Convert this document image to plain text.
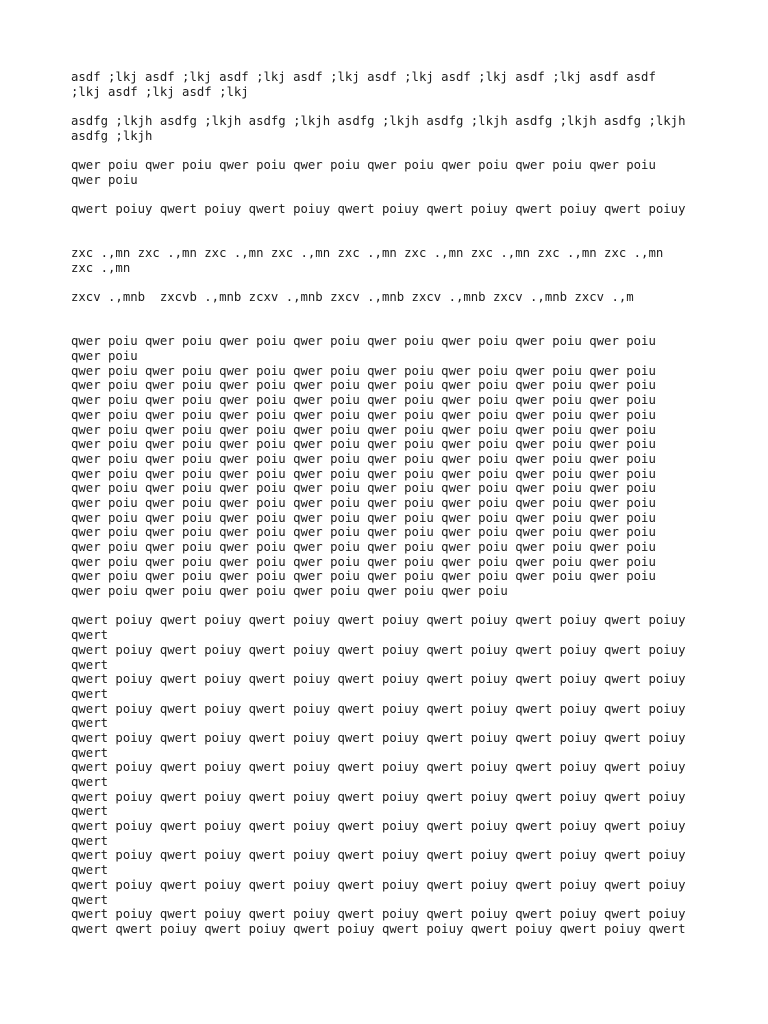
asdf ;lkj asdf ;lkj asdf ;lkj asdf ;lkj asdf ;lkj asdf ;lkj asdf ;lkj asdf asdf
;lkj asdf ;lkj asdf ;lkj
asdfg ;lkjh asdfg ;lkjh asdfg ;lkjh asdfg ;lkjh asdfg ;lkjh asdfg ;lkjh asdfg ;lkjh
asdfg ;lkjh
qwer poiu qwer poiu qwer poiu qwer poiu qwer poiu qwer poiu qwer poiu qwer poiu
qwer poiu
qwert poiuy qwert poiuy qwert poiuy qwert poiuy qwert poiuy qwert poiuy qwert poiuy
zxc .,mn zxc .,mn zxc .,mn zxc .,mn zxc .,mn zxc .,mn zxc .,mn zxc .,mn zxc .,mn
zxc .,mn
zxcv .,mnb  zxcvb .,mnb zcxv .,mnb zxcv .,mnb zxcv .,mnb zxcv .,mnb zxcv .,m
qwer poiu qwer poiu qwer poiu qwer poiu qwer poiu qwer poiu qwer poiu qwer poiu
qwer poiu
qwer poiu qwer poiu qwer poiu qwer poiu qwer poiu qwer poiu qwer poiu qwer poiu
qwer poiu qwer poiu qwer poiu qwer poiu qwer poiu qwer poiu qwer poiu qwer poiu
qwer poiu qwer poiu qwer poiu qwer poiu qwer poiu qwer poiu qwer poiu qwer poiu
qwer poiu qwer poiu qwer poiu qwer poiu qwer poiu qwer poiu qwer poiu qwer poiu
qwer poiu qwer poiu qwer poiu qwer poiu qwer poiu qwer poiu qwer poiu qwer poiu
qwer poiu qwer poiu qwer poiu qwer poiu qwer poiu qwer poiu qwer poiu qwer poiu
qwer poiu qwer poiu qwer poiu qwer poiu qwer poiu qwer poiu qwer poiu qwer poiu
qwer poiu qwer poiu qwer poiu qwer poiu qwer poiu qwer poiu qwer poiu qwer poiu
qwer poiu qwer poiu qwer poiu qwer poiu qwer poiu qwer poiu qwer poiu qwer poiu
qwer poiu qwer poiu qwer poiu qwer poiu qwer poiu qwer poiu qwer poiu qwer poiu
qwer poiu qwer poiu qwer poiu qwer poiu qwer poiu qwer poiu qwer poiu qwer poiu
qwer poiu qwer poiu qwer poiu qwer poiu qwer poiu qwer poiu qwer poiu qwer poiu
qwer poiu qwer poiu qwer poiu qwer poiu qwer poiu qwer poiu qwer poiu qwer poiu
qwer poiu qwer poiu qwer poiu qwer poiu qwer poiu qwer poiu qwer poiu qwer poiu
qwer poiu qwer poiu qwer poiu qwer poiu qwer poiu qwer poiu qwer poiu qwer poiu
qwer poiu qwer poiu qwer poiu qwer poiu qwer poiu qwer poiu
qwert poiuy qwert poiuy qwert poiuy qwert poiuy qwert poiuy qwert poiuy qwert poiuy
qwert
qwert poiuy qwert poiuy qwert poiuy qwert poiuy qwert poiuy qwert poiuy qwert poiuy
qwert
qwert poiuy qwert poiuy qwert poiuy qwert poiuy qwert poiuy qwert poiuy qwert poiuy
qwert
qwert poiuy qwert poiuy qwert poiuy qwert poiuy qwert poiuy qwert poiuy qwert poiuy
qwert
qwert poiuy qwert poiuy qwert poiuy qwert poiuy qwert poiuy qwert poiuy qwert poiuy
qwert
qwert poiuy qwert poiuy qwert poiuy qwert poiuy qwert poiuy qwert poiuy qwert poiuy
qwert
qwert poiuy qwert poiuy qwert poiuy qwert poiuy qwert poiuy qwert poiuy qwert poiuy
qwert
qwert poiuy qwert poiuy qwert poiuy qwert poiuy qwert poiuy qwert poiuy qwert poiuy
qwert
qwert poiuy qwert poiuy qwert poiuy qwert poiuy qwert poiuy qwert poiuy qwert poiuy
qwert
qwert poiuy qwert poiuy qwert poiuy qwert poiuy qwert poiuy qwert poiuy qwert poiuy
qwert
qwert poiuy qwert poiuy qwert poiuy qwert poiuy qwert poiuy qwert poiuy qwert poiuy
qwert qwert poiuy qwert poiuy qwert poiuy qwert poiuy qwert poiuy qwert poiuy qwert
